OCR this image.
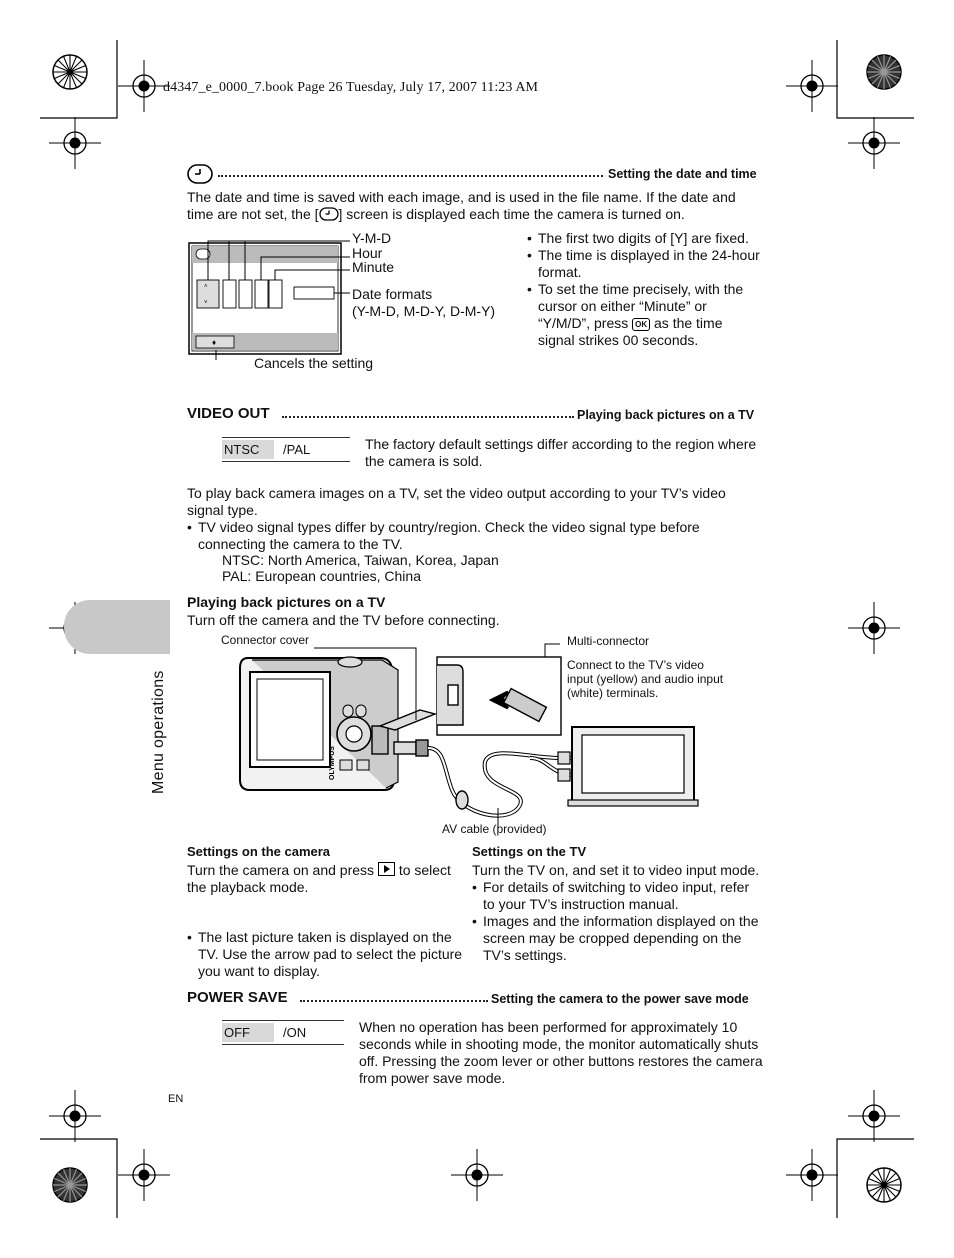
d4347_e_0000_7.book Page 26 Tuesday, July 17, 2007 11:23 AM
Menu operations
Setting the date and time
The date and time is saved with each image, and is used in the file name. If the date and
time are not set, the [ ] screen is displayed each time the camera is turned on.
♦
˄
˅
Y-M-D
Hour
Minute
Date formats
(Y-M-D, M-D-Y, D-M-Y)
Cancels the setting
• The first two digits of [Y] are fixed.
• The time is displayed in the 24-hour format.
• To set the time precisely, with the cursor on either “Minute” or “Y/M/D”, press OK as the time signal strikes 00 seconds.
VIDEO OUT	Playing back pictures on a TV
NTSC /PAL	The factory default settings differ according to the region where the camera is sold.
To play back camera images on a TV, set the video output according to your TV’s video signal type.
• TV video signal types differ by country/region. Check the video signal type before connecting the camera to the TV.
NTSC: North America, Taiwan, Korea, Japan
PAL: European countries, China
Playing back pictures on a TV
Turn off the camera and the TV before connecting.
OLYMPUS
Connector cover	Multi-connector
Connect to the TV’s video
input (yellow) and audio input
(white) terminals.
AV cable (provided)
Settings on the camera
Turn the camera on and press to select the playback mode.
• The last picture taken is displayed on the TV. Use the arrow pad to select the picture you want to display.
Settings on the TV
Turn the TV on, and set it to video input mode.
• For details of switching to video input, refer to your TV’s instruction manual.
• Images and the information displayed on the screen may be cropped depending on the TV’s settings.
POWER SAVE	Setting the camera to the power save mode
OFF	/ON	When no operation has been performed for approximately 10 seconds while in shooting mode, the monitor automatically shuts off. Pressing the zoom lever or other buttons restores the camera from power save mode.
EN
